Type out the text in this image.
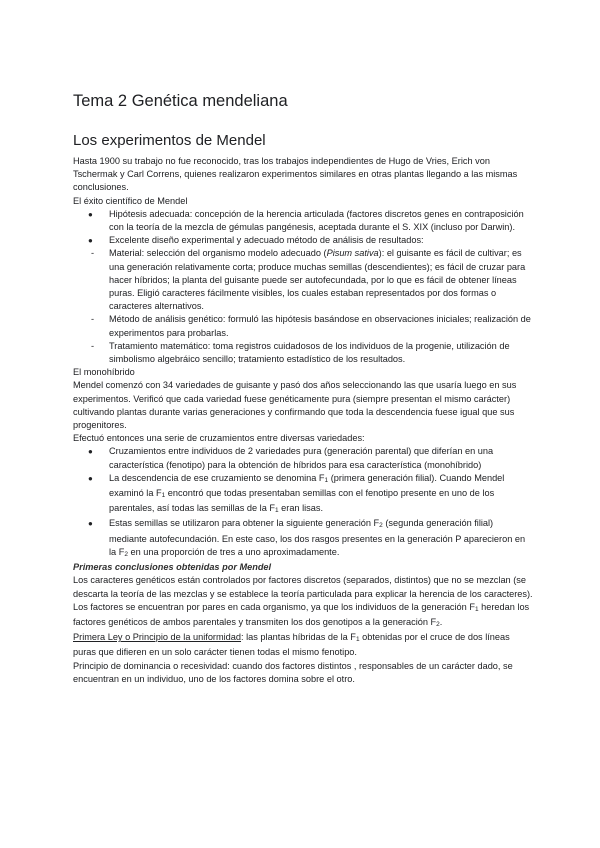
Tema 2 Genética mendeliana
Los experimentos de Mendel

Hasta 1900 su trabajo no fue reconocido, tras los trabajos independientes de Hugo de Vries, Erich von Tschermak y Carl Correns, quienes realizaron experimentos similares en otras plantas llegando a las mismas conclusiones.

El éxito científico de Mendel

● Hipótesis adecuada: concepción de la herencia articulada (factores discretos genes en contraposición con la teoría de la mezcla de gémulas pangénesis, aceptada durante el S. XIX (incluso por Darwin).
● Excelente diseño experimental y adecuado método de análisis de resultados:
- Material: selección del organismo modelo adecuado (Pisum sativa): el guisante es fácil de cultivar; es una generación relativamente corta; produce muchas semillas (descendientes); es fácil de cruzar para hacer híbridos; la planta del guisante puede ser autofecundada, por lo que es fácil de obtener líneas puras. Eligió caracteres fácilmente visibles, los cuales estaban representados por dos formas o caracteres alternativos.
- Método de análisis genético: formuló las hipótesis basándose en observaciones iniciales; realización de experimentos para probarlas.
- Tratamiento matemático: toma registros cuidadosos de los individuos de la progenie, utilización de simbolismo algebráico sencillo; tratamiento estadístico de los resultados.

El monohíbrido

Mendel comenzó con 34 variedades de guisante y pasó dos años seleccionando las que usaría luego en sus experimentos. Verificó que cada variedad fuese genéticamente pura (siempre presentan el mismo carácter) cultivando plantas durante varias generaciones y confirmando que toda la descendencia fuese igual que sus progenitores.

Efectuó entonces una serie de cruzamientos entre diversas variedades:

● Cruzamientos entre individuos de 2 variedades pura (generación parental) que diferían en una característica (fenotipo) para la obtención de híbridos para esa característica (monohíbrido)
● La descendencia de ese cruzamiento se denomina $F_1$ (primera generación filial). Cuando Mendel examinó la $F_1$ encontró que todas presentaban semillas con el fenotipo presente en uno de los parentales, así todas las semillas de la $F_1$ eran lisas.
● Estas semillas se utilizaron para obtener la siguiente generación $F_2$ (segunda generación filial) mediante autofecundación. En este caso, los dos rasgos presentes en la generación P aparecieron en la $F_2$ en una proporción de tres a uno aproximadamente.

Primeras conclusiones obtenidas por Mendel

Los caracteres genéticos están controlados por factores discretos (separados, distintos) que no se mezclan (se descarta la teoría de las mezclas y se establece la teoría particulada para explicar la herencia de los caracteres).

Los factores se encuentran por pares en cada organismo, ya que los individuos de la generación $F_1$ heredan los factores genéticos de ambos parentales y transmiten los dos genotipos a la generación $F_2$.

Primera Ley o Principio de la uniformidad: las plantas híbridas de la $F_1$ obtenidas por el cruce de dos líneas puras que difieren en un solo carácter tienen todas el mismo fenotipo.

Principio de dominancia o recesividad: cuando dos factores distintos , responsables de un carácter dado, se encuentran en un individuo, uno de los factores domina sobre el otro.
